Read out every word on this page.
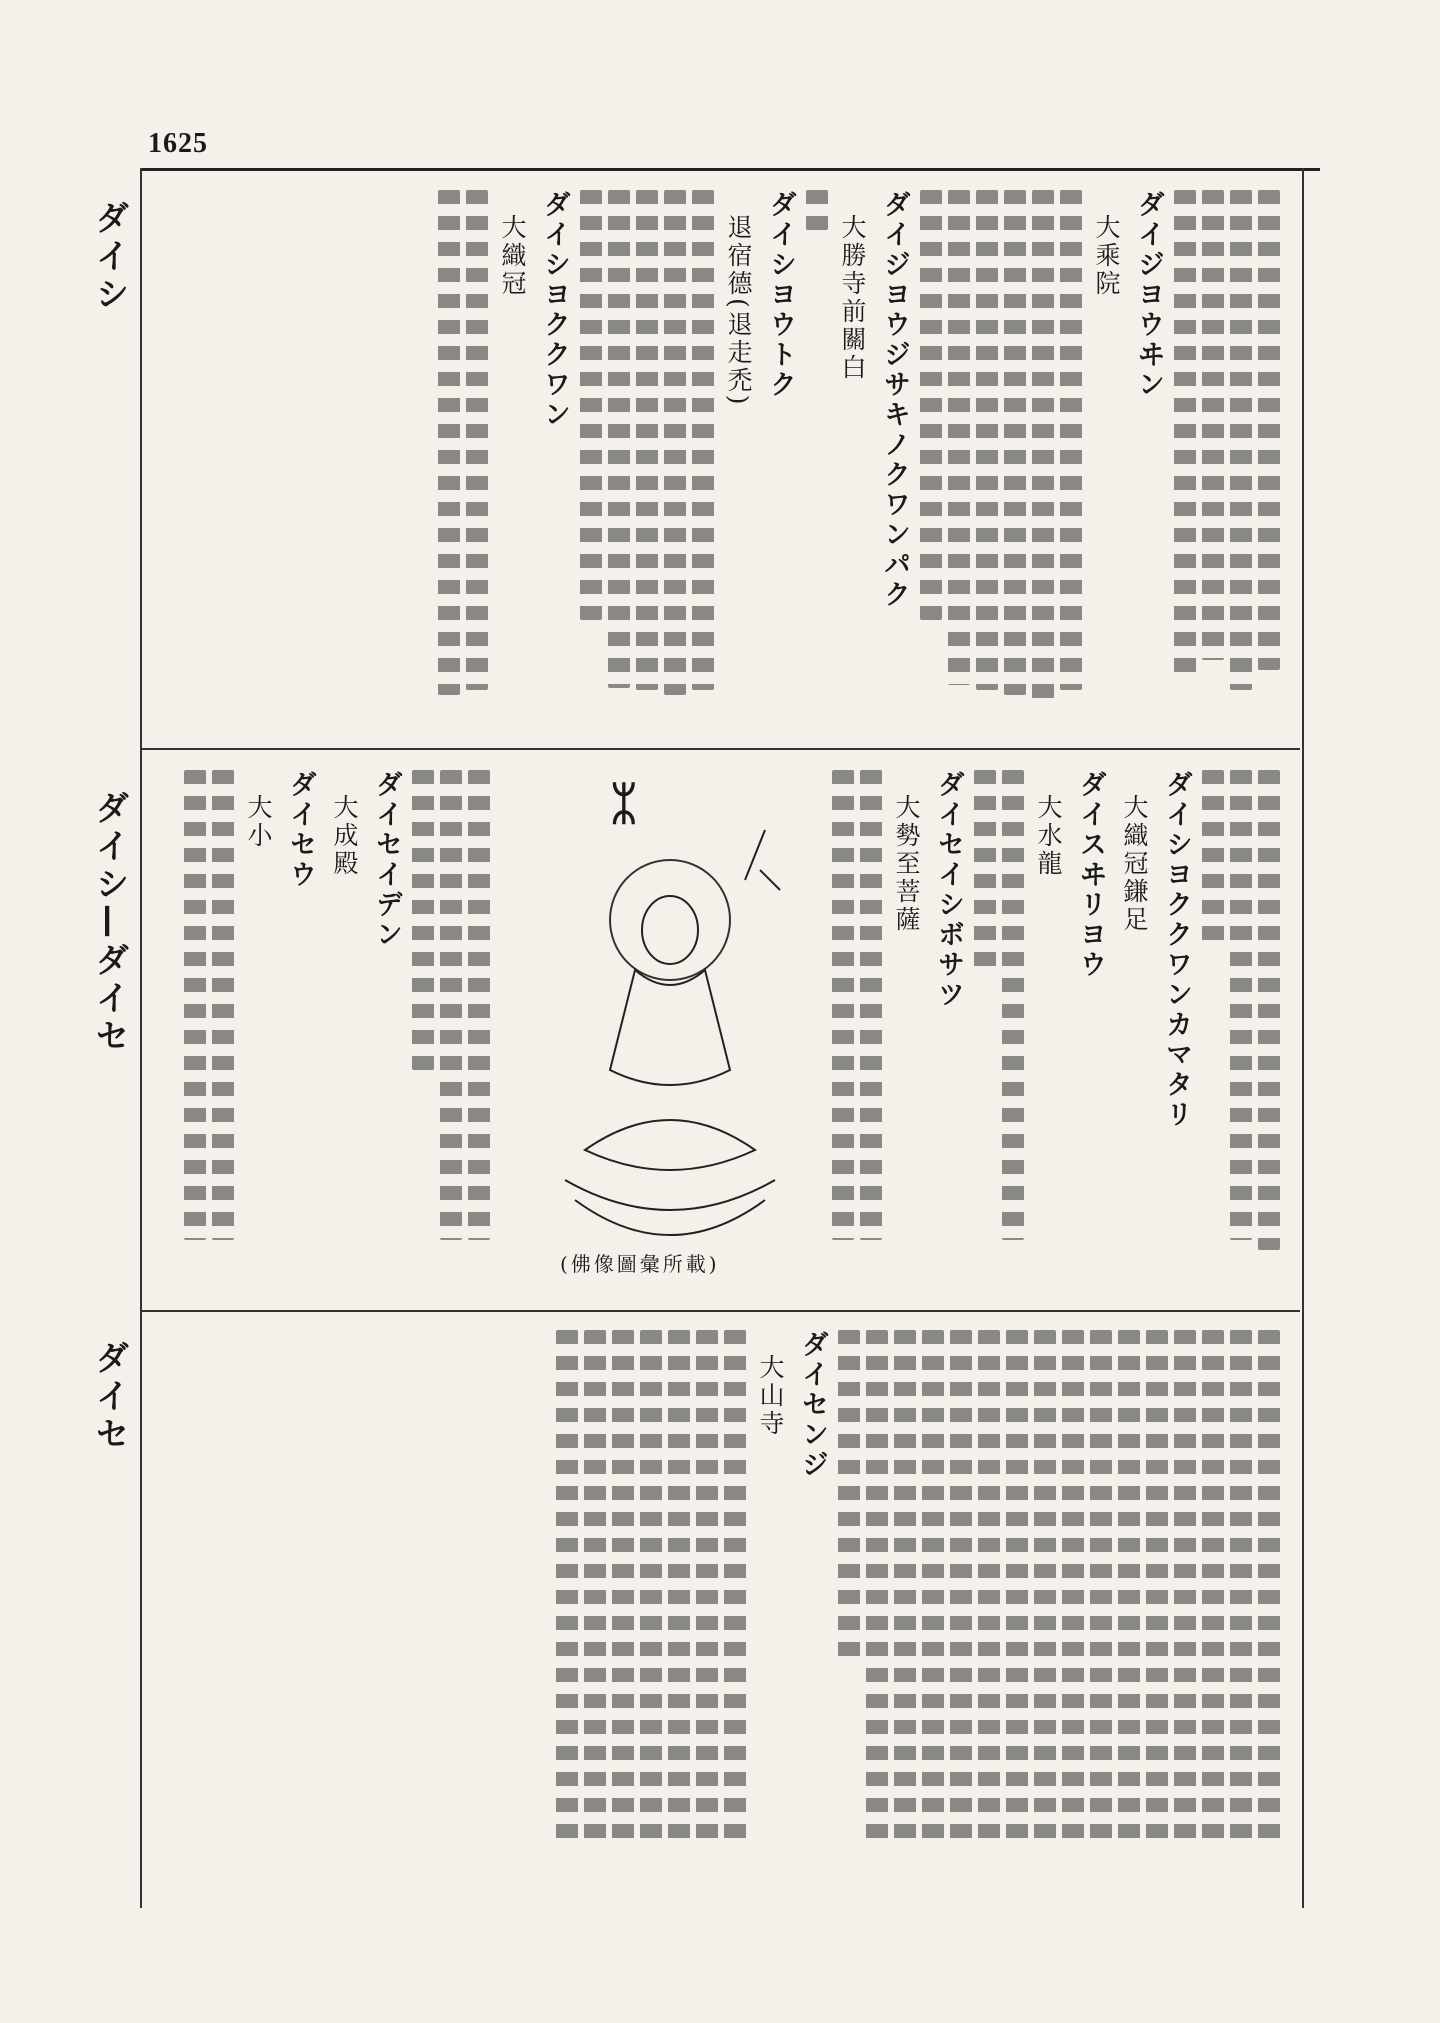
1625
ダイシ
ダイシ—ダイセ
ダイセ
ダイジヨウヰン
大乘院
ダイジヨウジサキノクワンパク
大勝寺前關白
ダイシヨウトク
退宿德(退走禿)
ダイシヨククワン
大織冠
ダイシヨククワンカマタリ
大織冠鎌足
ダイスヰリヨウ
大水龍
ダイセイシボサツ
大勢至菩薩
ダイセイデン
大成殿
ダイセウ
大小	ᛯ
(佛像圖彙所載)
ダイセンジ
大山寺
